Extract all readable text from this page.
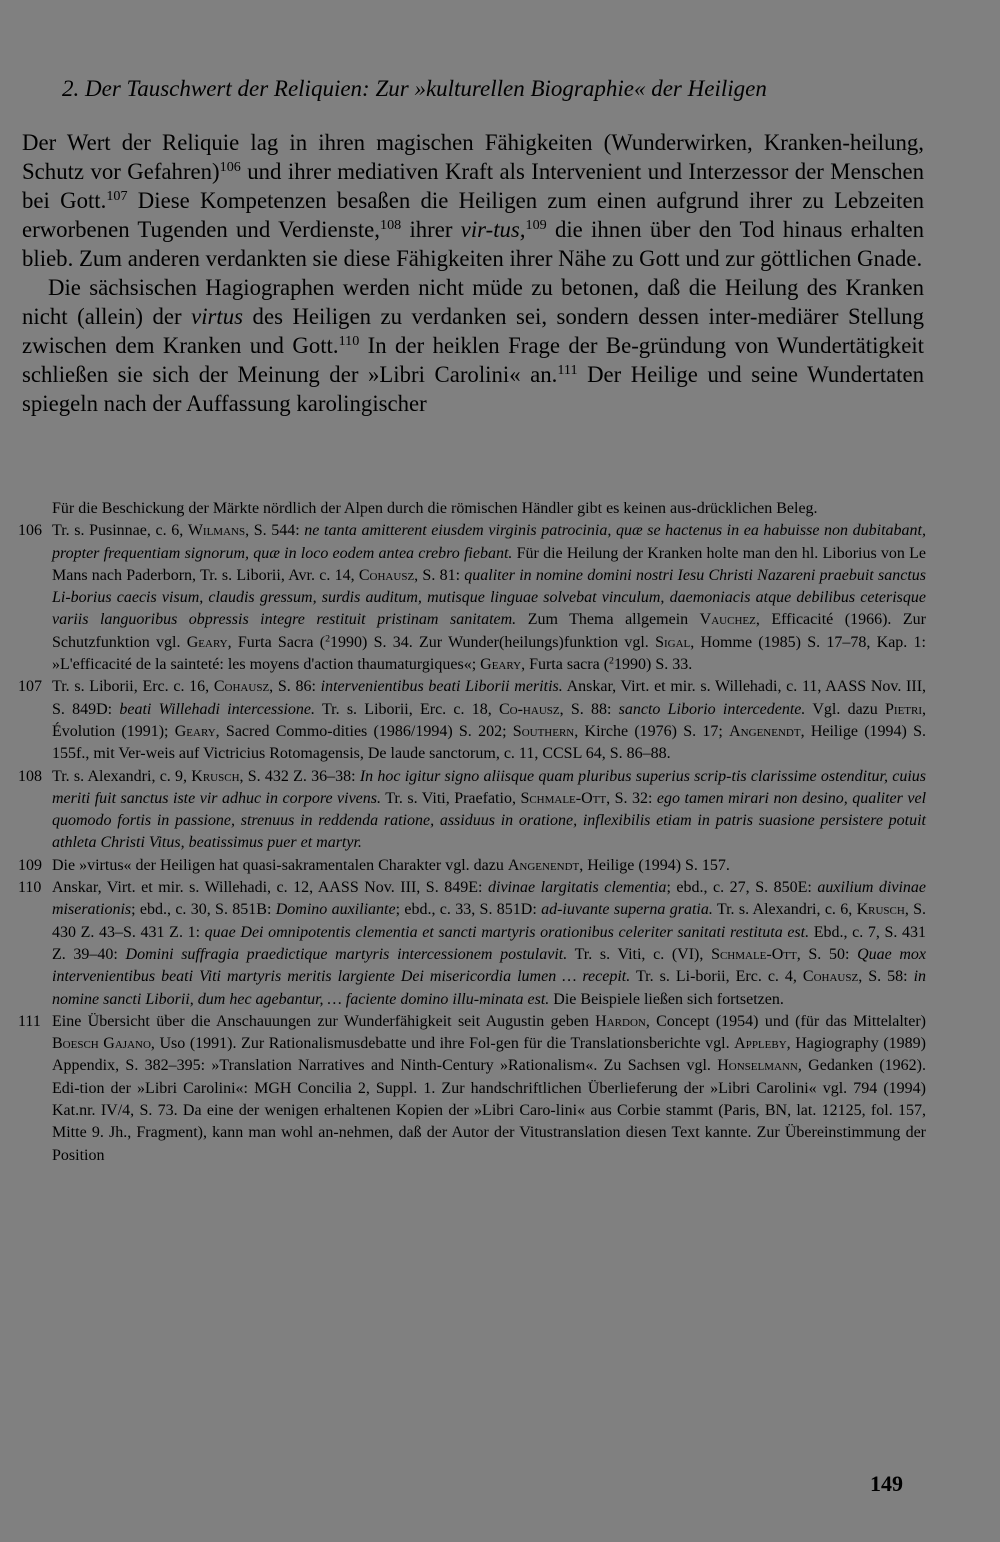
2. Der Tauschwert der Reliquien: Zur »kulturellen Biographie« der Heiligen

Der Wert der Reliquie lag in ihren magischen Fähigkeiten (Wunderwirken, Kranken-heilung, Schutz vor Gefahren)$^{106}$ und ihrer mediativen Kraft als Intervenient und Interzessor der Menschen bei Gott.$^{107}$ Diese Kompetenzen besaßen die Heiligen zum einen aufgrund ihrer zu Lebzeiten erworbenen Tugenden und Verdienste,$^{108}$ ihrer vir-tus,$^{109}$ die ihnen über den Tod hinaus erhalten blieb. Zum anderen verdankten sie diese Fähigkeiten ihrer Nähe zu Gott und zur göttlichen Gnade.

Die sächsischen Hagiographen werden nicht müde zu betonen, daß die Heilung des Kranken nicht (allein) der virtus des Heiligen zu verdanken sei, sondern dessen inter-mediärer Stellung zwischen dem Kranken und Gott.$^{110}$ In der heiklen Frage der Be-gründung von Wundertätigkeit schließen sie sich der Meinung der »Libri Carolini« an.$^{111}$ Der Heilige und seine Wundertaten spiegeln nach der Auffassung karolingischer

Für die Beschickung der Märkte nördlich der Alpen durch die römischen Händler gibt es keinen aus-drücklichen Beleg.

106 Tr. s. Pusinnae, c. 6, Wilmans, S. 544: ne tanta amitterent eiusdem virginis patrocinia, quæ se hactenus in ea habuisse non dubitabant, propter frequentiam signorum, quæ in loco eodem antea crebro fiebant. Für die Heilung der Kranken holte man den hl. Liborius von Le Mans nach Paderborn, Tr. s. Liborii, Avr. c. 14, Cohausz, S. 81: qualiter in nomine domini nostri Iesu Christi Nazareni praebuit sanctus Li-borius caecis visum, claudis gressum, surdis auditum, mutisque linguae solvebat vinculum, daemoniacis atque debilibus ceterisque variis languoribus obpressis integre restituit pristinam sanitatem. Zum Thema allgemein Vauchez, Efficacité (1966). Zur Schutzfunktion vgl. Geary, Furta Sacra ($^2$1990) S. 34. Zur Wunder(heilungs)funktion vgl. Sigal, Homme (1985) S. 17–78, Kap. 1: »L'efficacité de la sainteté: les moyens d'action thaumaturgiques«; Geary, Furta sacra ($^2$1990) S. 33.
107 Tr. s. Liborii, Erc. c. 16, Cohausz, S. 86: intervenientibus beati Liborii meritis. Anskar, Virt. et mir. s. Willehadi, c. 11, AASS Nov. III, S. 849D: beati Willehadi intercessione. Tr. s. Liborii, Erc. c. 18, Co-hausz, S. 88: sancto Liborio intercedente. Vgl. dazu Pietri, Évolution (1991); Geary, Sacred Commo-dities (1986/1994) S. 202; Southern, Kirche (1976) S. 17; Angenendt, Heilige (1994) S. 155f., mit Ver-weis auf Victricius Rotomagensis, De laude sanctorum, c. 11, CCSL 64, S. 86–88.
108 Tr. s. Alexandri, c. 9, Krusch, S. 432 Z. 36–38: In hoc igitur signo aliisque quam pluribus superius scrip-tis clarissime ostenditur, cuius meriti fuit sanctus iste vir adhuc in corpore vivens. Tr. s. Viti, Praefatio, Schmale-Ott, S. 32: ego tamen mirari non desino, qualiter vel quomodo fortis in passione, strenuus in reddenda ratione, assiduus in oratione, inflexibilis etiam in patris suasione persistere potuit athleta Christi Vitus, beatissimus puer et martyr.
109 Die »virtus« der Heiligen hat quasi-sakramentalen Charakter vgl. dazu Angenendt, Heilige (1994) S. 157.
110 Anskar, Virt. et mir. s. Willehadi, c. 12, AASS Nov. III, S. 849E: divinae largitatis clementia; ebd., c. 27, S. 850E: auxilium divinae miserationis; ebd., c. 30, S. 851B: Domino auxiliante; ebd., c. 33, S. 851D: ad-iuvante superna gratia. Tr. s. Alexandri, c. 6, Krusch, S. 430 Z. 43–S. 431 Z. 1: quae Dei omnipotentis clementia et sancti martyris orationibus celeriter sanitati restituta est. Ebd., c. 7, S. 431 Z. 39–40: Domini suffragia praedictique martyris intercessionem postulavit. Tr. s. Viti, c. (VI), Schmale-Ott, S. 50: Quae mox intervenientibus beati Viti martyris meritis largiente Dei misericordia lumen … recepit. Tr. s. Li-borii, Erc. c. 4, Cohausz, S. 58: in nomine sancti Liborii, dum hec agebantur, … faciente domino illu-minata est. Die Beispiele ließen sich fortsetzen.
111 Eine Übersicht über die Anschauungen zur Wunderfähigkeit seit Augustin geben Hardon, Concept (1954) und (für das Mittelalter) Boesch Gajano, Uso (1991). Zur Rationalismusdebatte und ihre Fol-gen für die Translationsberichte vgl. Appleby, Hagiography (1989) Appendix, S. 382–395: »Translation Narratives and Ninth-Century »Rationalism«. Zu Sachsen vgl. Honselmann, Gedanken (1962). Edi-tion der »Libri Carolini«: MGH Concilia 2, Suppl. 1. Zur handschriftlichen Überlieferung der »Libri Carolini« vgl. 794 (1994) Kat.nr. IV/4, S. 73. Da eine der wenigen erhaltenen Kopien der »Libri Caro-lini« aus Corbie stammt (Paris, BN, lat. 12125, fol. 157, Mitte 9. Jh., Fragment), kann man wohl an-nehmen, daß der Autor der Vitustranslation diesen Text kannte. Zur Übereinstimmung der Position
149
